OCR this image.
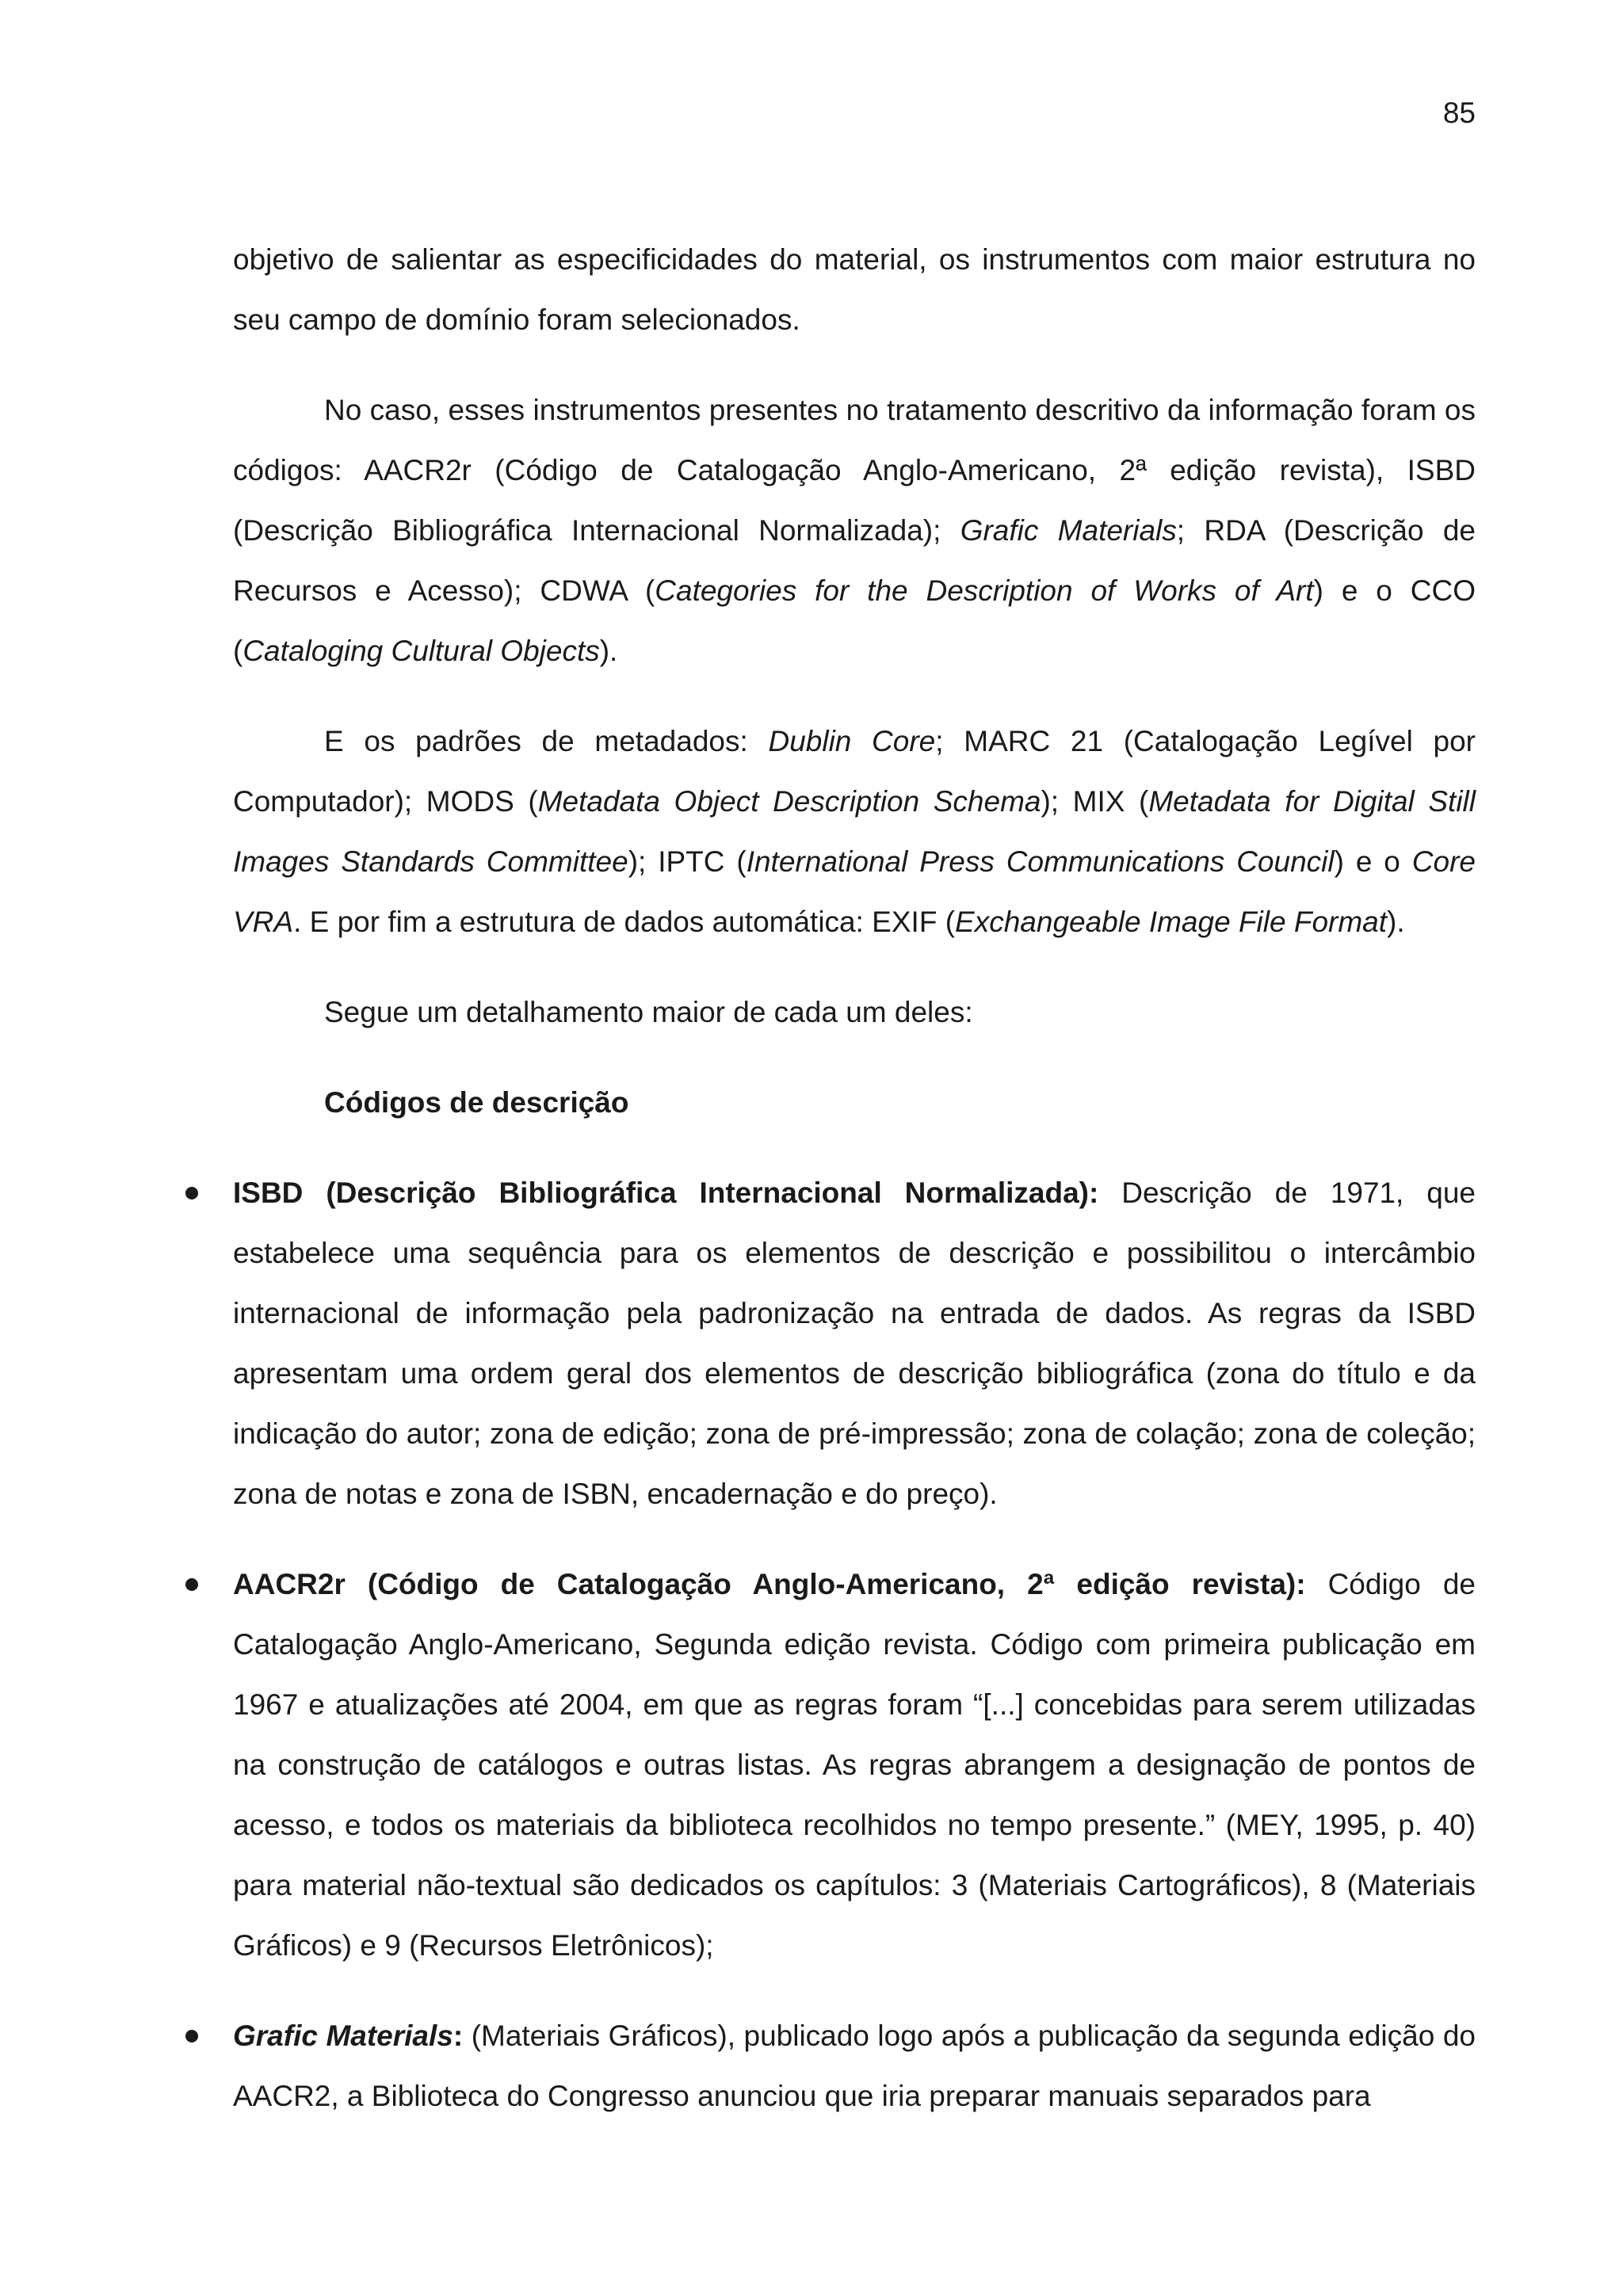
85

objetivo de salientar as especificidades do material, os instrumentos com maior estrutura no seu campo de domínio foram selecionados.

No caso, esses instrumentos presentes no tratamento descritivo da informação foram os códigos: AACR2r (Código de Catalogação Anglo-Americano, 2ª edição revista), ISBD (Descrição Bibliográfica Internacional Normalizada); Grafic Materials; RDA (Descrição de Recursos e Acesso); CDWA (Categories for the Description of Works of Art) e o CCO (Cataloging Cultural Objects).

E os padrões de metadados: Dublin Core; MARC 21 (Catalogação Legível por Computador); MODS (Metadata Object Description Schema); MIX (Metadata for Digital Still Images Standards Committee); IPTC (International Press Communications Council) e o Core VRA. E por fim a estrutura de dados automática: EXIF (Exchangeable Image File Format).

Segue um detalhamento maior de cada um deles:

Códigos de descrição

ISBD (Descrição Bibliográfica Internacional Normalizada): Descrição de 1971, que estabelece uma sequência para os elementos de descrição e possibilitou o intercâmbio internacional de informação pela padronização na entrada de dados. As regras da ISBD apresentam uma ordem geral dos elementos de descrição bibliográfica (zona do título e da indicação do autor; zona de edição; zona de pré-impressão; zona de colação; zona de coleção; zona de notas e zona de ISBN, encadernação e do preço).
AACR2r (Código de Catalogação Anglo-Americano, 2ª edição revista): Código de Catalogação Anglo-Americano, Segunda edição revista. Código com primeira publicação em 1967 e atualizações até 2004, em que as regras foram “[...] concebidas para serem utilizadas na construção de catálogos e outras listas. As regras abrangem a designação de pontos de acesso, e todos os materiais da biblioteca recolhidos no tempo presente.” (MEY, 1995, p. 40) para material não-textual são dedicados os capítulos: 3 (Materiais Cartográficos), 8 (Materiais Gráficos) e 9 (Recursos Eletrônicos);
Grafic Materials: (Materiais Gráficos), publicado logo após a publicação da segunda edição do AACR2, a Biblioteca do Congresso anunciou que iria preparar manuais separados para
